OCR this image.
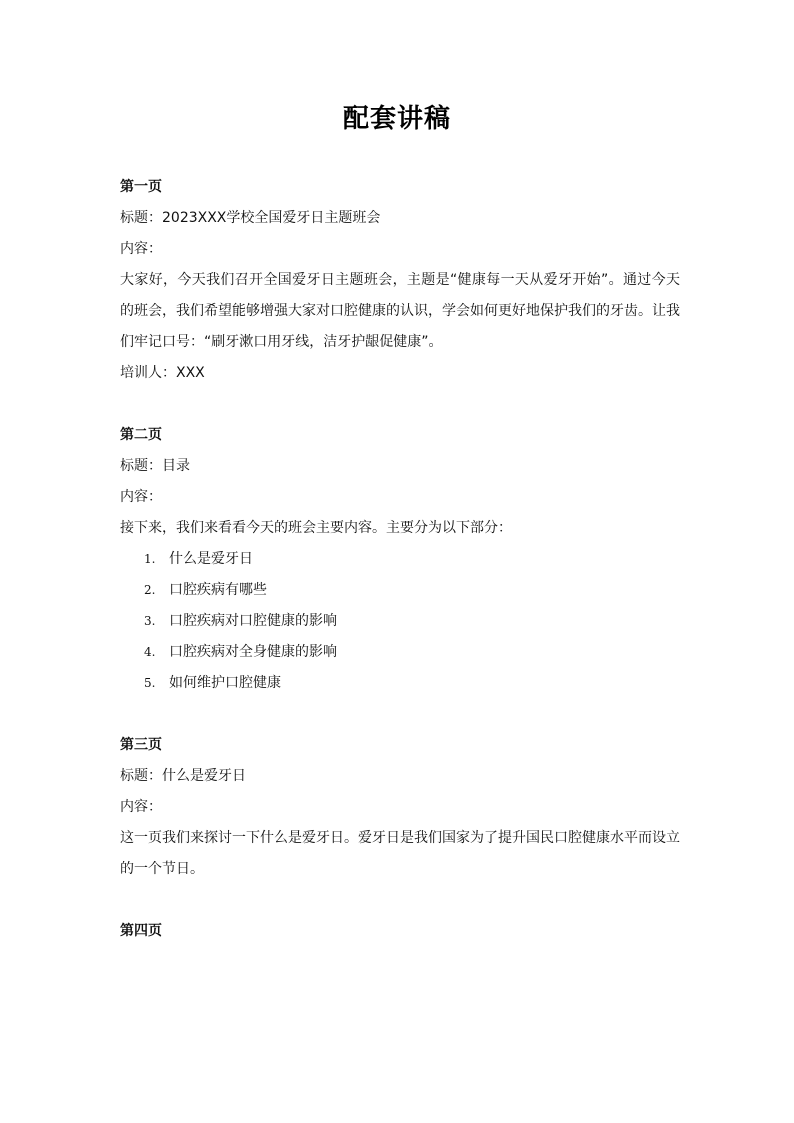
配套讲稿
第一页
标题：2023XXX学校全国爱牙日主题班会
内容：
大家好，今天我们召开全国爱牙日主题班会，主题是“健康每一天从爱牙开始”。通过今天的班会，我们希望能够增强大家对口腔健康的认识，学会如何更好地保护我们的牙齿。让我们牢记口号：“刷牙漱口用牙线，洁牙护龈促健康”。
培训人：XXX
第二页
标题：目录
内容：
接下来，我们来看看今天的班会主要内容。主要分为以下部分：
1. 什么是爱牙日
2. 口腔疾病有哪些
3. 口腔疾病对口腔健康的影响
4. 口腔疾病对全身健康的影响
5. 如何维护口腔健康
第三页
标题：什么是爱牙日
内容：
这一页我们来探讨一下什么是爱牙日。爱牙日是我们国家为了提升国民口腔健康水平而设立的一个节日。
第四页
